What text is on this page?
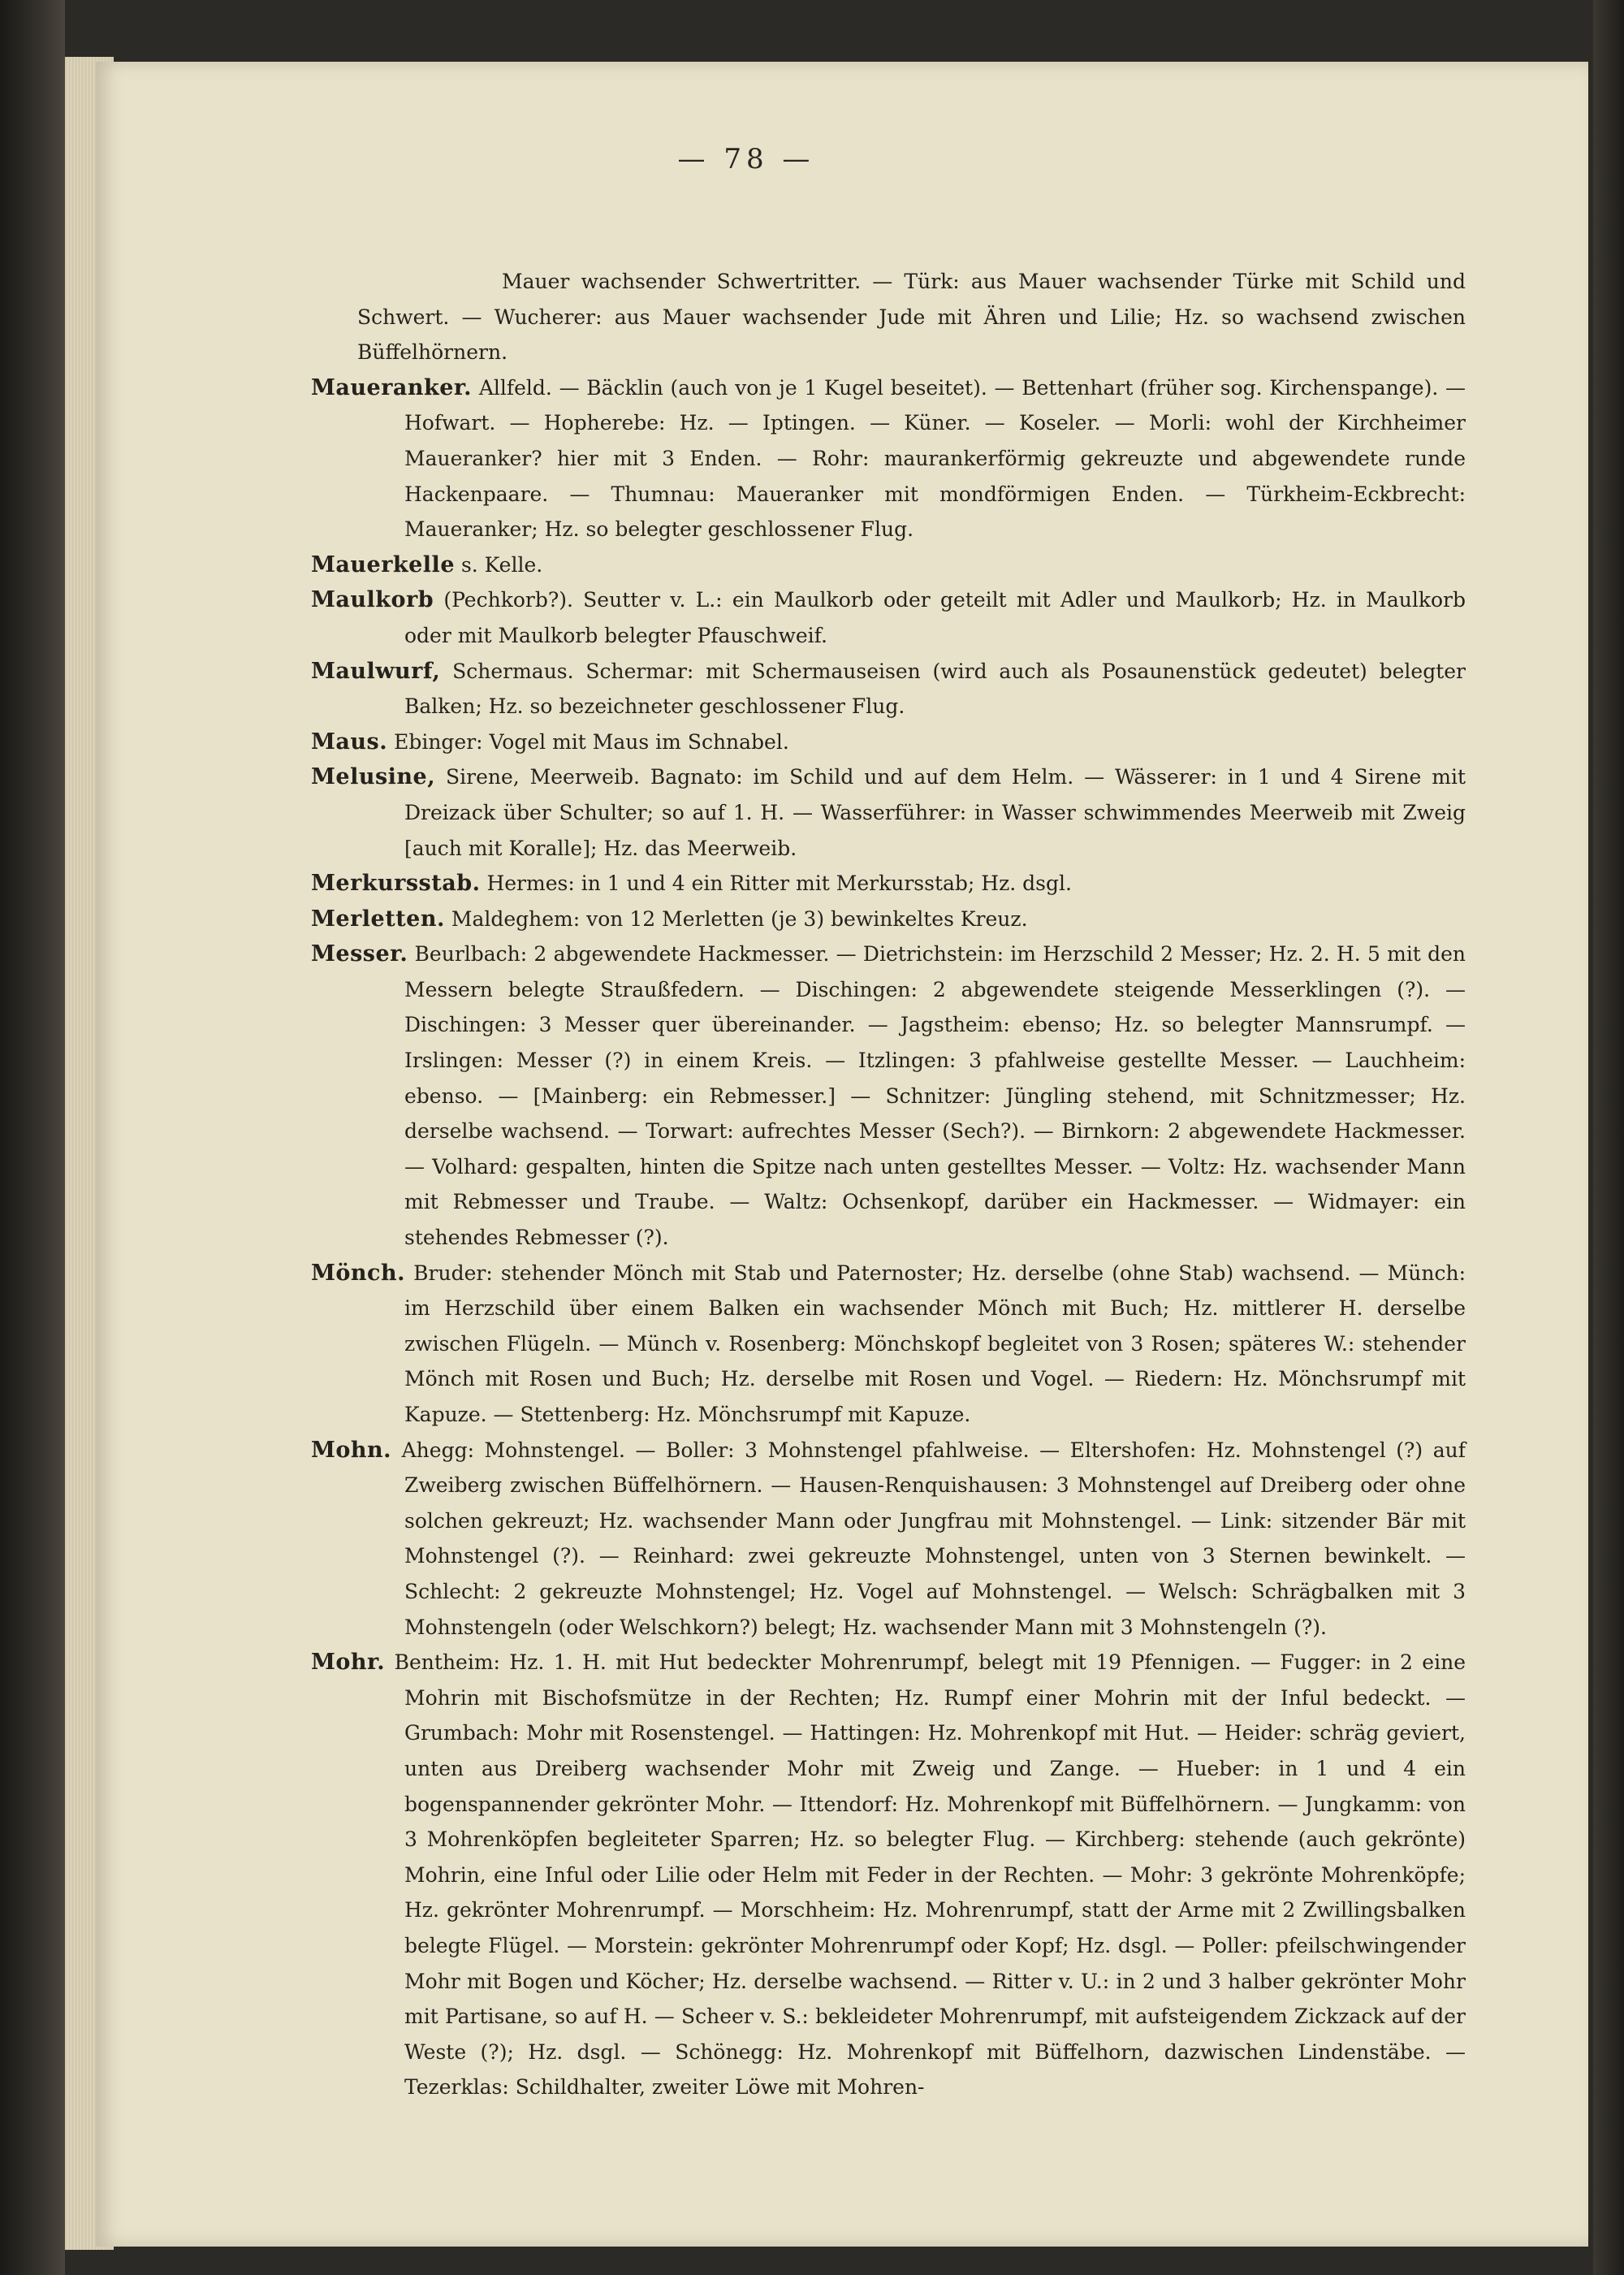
— 78 —
Mauer wachsender Schwertritter. — Türk: aus Mauer wachsender Türke mit Schild und Schwert. — Wucherer: aus Mauer wachsender Jude mit Ähren und Lilie; Hz. so wachsend zwischen Büffelhörnern.
Maueranker. Allfeld. — Bäcklin (auch von je 1 Kugel beseitet). — Bettenhart (früher sog. Kirchenspange). — Hofwart. — Hopherebe: Hz. — Iptingen. — Küner. — Koseler. — Morli: wohl der Kirchheimer Maueranker? hier mit 3 Enden. — Rohr: maurankerförmig gekreuzte und abgewendete runde Hackenpaare. — Thumnau: Maueranker mit mondförmigen Enden. — Türkheim-Eckbrecht: Maueranker; Hz. so belegter geschlossener Flug.
Mauerkelle s. Kelle.
Maulkorb (Pechkorb?). Seutter v. L.: ein Maulkorb oder geteilt mit Adler und Maulkorb; Hz. in Maulkorb oder mit Maulkorb belegter Pfauschweif.
Maulwurf, Schermaus. Schermar: mit Schermauseisen (wird auch als Posaunenstück gedeutet) belegter Balken; Hz. so bezeichneter geschlossener Flug.
Maus. Ebinger: Vogel mit Maus im Schnabel.
Melusine, Sirene, Meerweib. Bagnato: im Schild und auf dem Helm. — Wässerer: in 1 und 4 Sirene mit Dreizack über Schulter; so auf 1. H. — Wasserführer: in Wasser schwimmendes Meerweib mit Zweig [auch mit Koralle]; Hz. das Meerweib.
Merkursstab. Hermes: in 1 und 4 ein Ritter mit Merkursstab; Hz. dsgl.
Merletten. Maldeghem: von 12 Merletten (je 3) bewinkeltes Kreuz.
Messer. Beurlbach: 2 abgewendete Hackmesser. — Dietrichstein: im Herzschild 2 Messer; Hz. 2. H. 5 mit den Messern belegte Straußfedern. — Dischingen: 2 abgewendete steigende Messerklingen (?). — Dischingen: 3 Messer quer übereinander. — Jagstheim: ebenso; Hz. so belegter Mannsrumpf. — Irslingen: Messer (?) in einem Kreis. — Itzlingen: 3 pfahlweise gestellte Messer. — Lauchheim: ebenso. — [Mainberg: ein Rebmesser.] — Schnitzer: Jüngling stehend, mit Schnitzmesser; Hz. derselbe wachsend. — Torwart: aufrechtes Messer (Sech?). — Birnkorn: 2 abgewendete Hackmesser. — Volhard: gespalten, hinten die Spitze nach unten gestelltes Messer. — Voltz: Hz. wachsender Mann mit Rebmesser und Traube. — Waltz: Ochsenkopf, darüber ein Hackmesser. — Widmayer: ein stehendes Rebmesser (?).
Mönch. Bruder: stehender Mönch mit Stab und Paternoster; Hz. derselbe (ohne Stab) wachsend. — Münch: im Herzschild über einem Balken ein wachsender Mönch mit Buch; Hz. mittlerer H. derselbe zwischen Flügeln. — Münch v. Rosenberg: Mönchskopf begleitet von 3 Rosen; späteres W.: stehender Mönch mit Rosen und Buch; Hz. derselbe mit Rosen und Vogel. — Riedern: Hz. Mönchsrumpf mit Kapuze. — Stettenberg: Hz. Mönchsrumpf mit Kapuze.
Mohn. Ahegg: Mohnstengel. — Boller: 3 Mohnstengel pfahlweise. — Eltershofen: Hz. Mohnstengel (?) auf Zweiberg zwischen Büffelhörnern. — Hausen-Renquishausen: 3 Mohnstengel auf Dreiberg oder ohne solchen gekreuzt; Hz. wachsender Mann oder Jungfrau mit Mohnstengel. — Link: sitzender Bär mit Mohnstengel (?). — Reinhard: zwei gekreuzte Mohnstengel, unten von 3 Sternen bewinkelt. — Schlecht: 2 gekreuzte Mohnstengel; Hz. Vogel auf Mohnstengel. — Welsch: Schrägbalken mit 3 Mohnstengeln (oder Welschkorn?) belegt; Hz. wachsender Mann mit 3 Mohnstengeln (?).
Mohr. Bentheim: Hz. 1. H. mit Hut bedeckter Mohrenrumpf, belegt mit 19 Pfennigen. — Fugger: in 2 eine Mohrin mit Bischofsmütze in der Rechten; Hz. Rumpf einer Mohrin mit der Inful bedeckt. — Grumbach: Mohr mit Rosenstengel. — Hattingen: Hz. Mohrenkopf mit Hut. — Heider: schräg geviert, unten aus Dreiberg wachsender Mohr mit Zweig und Zange. — Hueber: in 1 und 4 ein bogenspannender gekrönter Mohr. — Ittendorf: Hz. Mohrenkopf mit Büffelhörnern. — Jungkamm: von 3 Mohrenköpfen begleiteter Sparren; Hz. so belegter Flug. — Kirchberg: stehende (auch gekrönte) Mohrin, eine Inful oder Lilie oder Helm mit Feder in der Rechten. — Mohr: 3 gekrönte Mohrenköpfe; Hz. gekrönter Mohrenrumpf. — Morschheim: Hz. Mohrenrumpf, statt der Arme mit 2 Zwillingsbalken belegte Flügel. — Morstein: gekrönter Mohrenrumpf oder Kopf; Hz. dsgl. — Poller: pfeilschwingender Mohr mit Bogen und Köcher; Hz. derselbe wachsend. — Ritter v. U.: in 2 und 3 halber gekrönter Mohr mit Partisane, so auf H. — Scheer v. S.: bekleideter Mohrenrumpf, mit aufsteigendem Zickzack auf der Weste (?); Hz. dsgl. — Schönegg: Hz. Mohrenkopf mit Büffelhorn, dazwischen Lindenstäbe. — Tezerklas: Schildhalter, zweiter Löwe mit Mohren-
